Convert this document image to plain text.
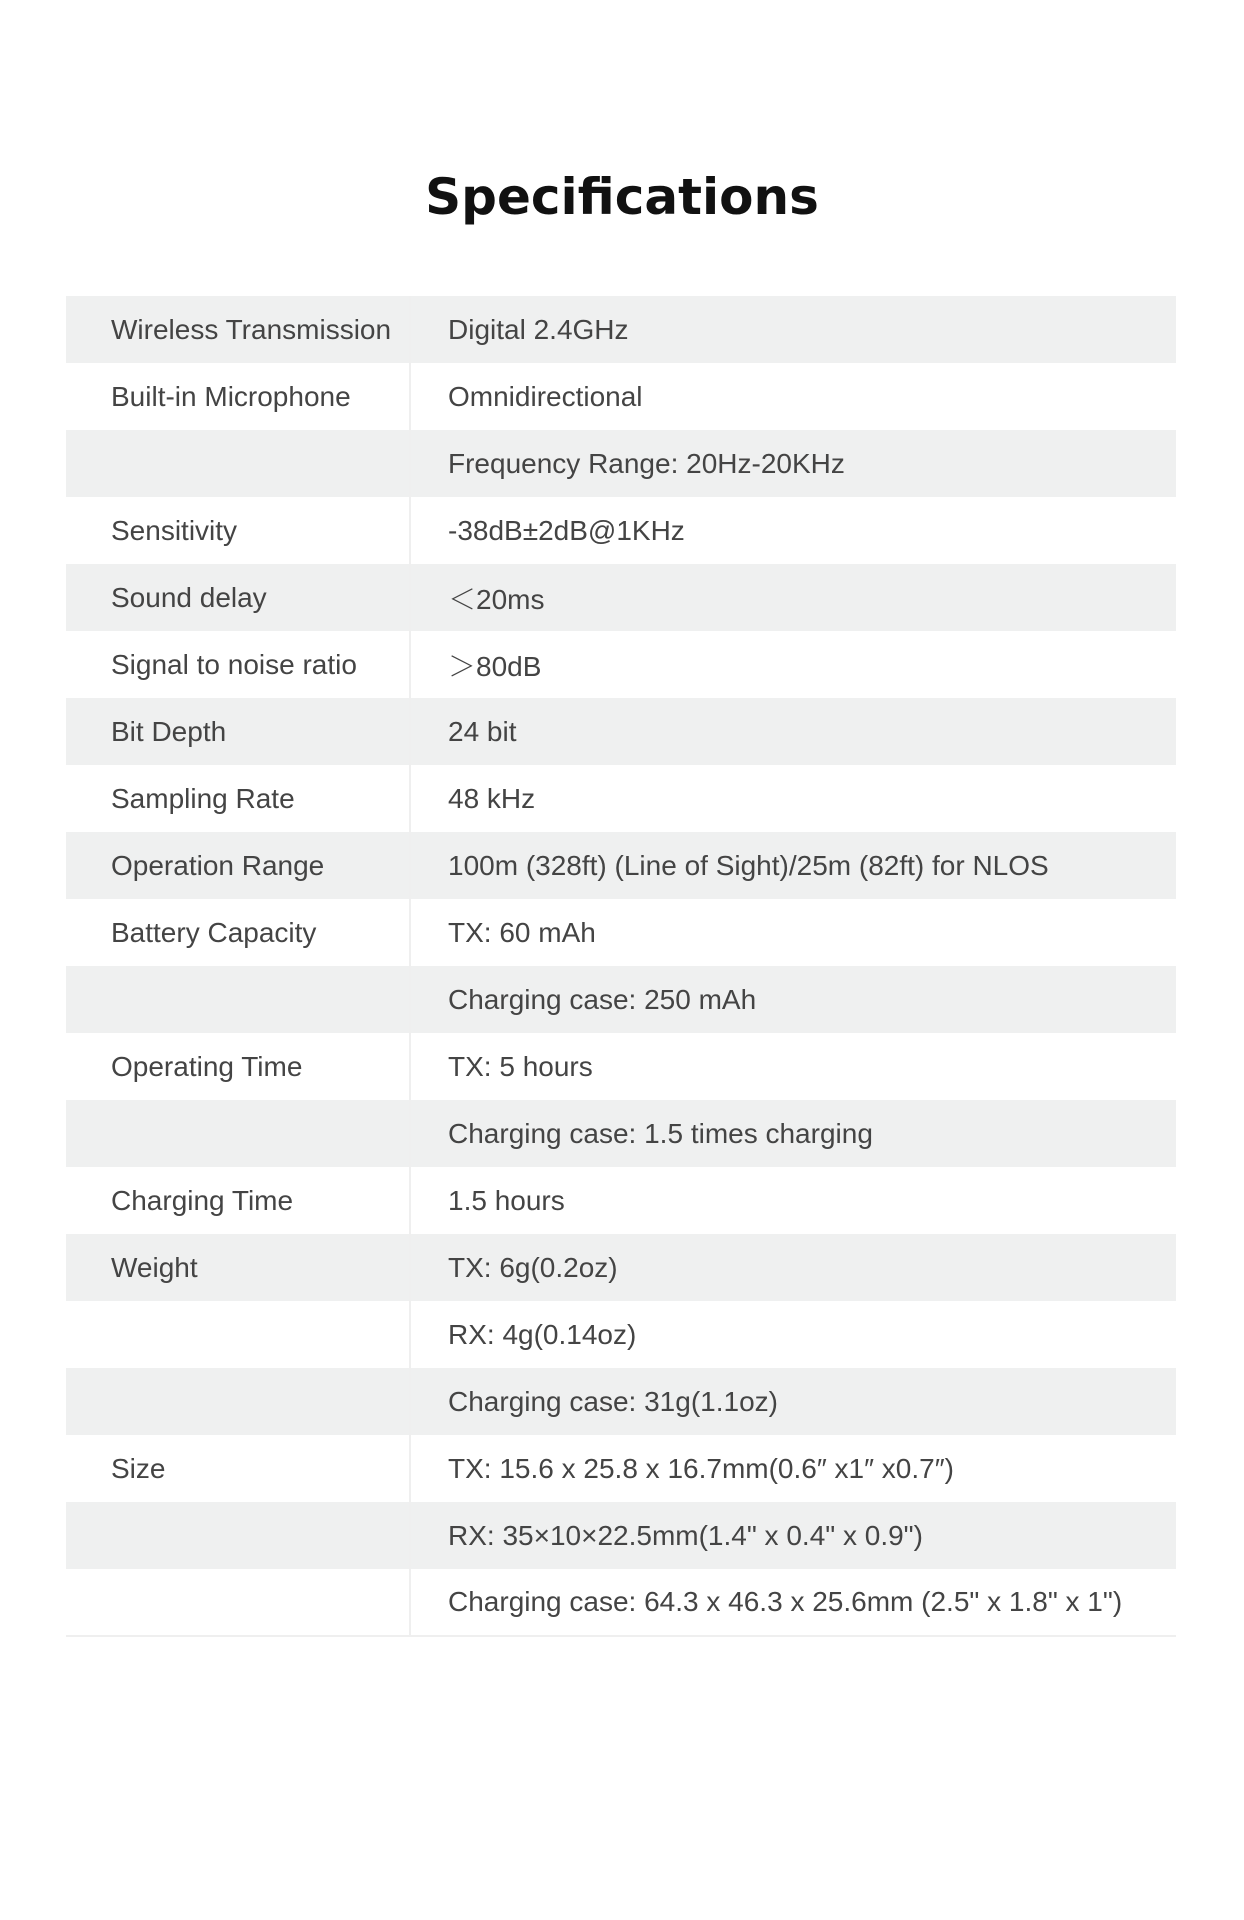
Specifications
Wireless Transmission	Digital 2.4GHz
Built-in Microphone	Omnidirectional
	Frequency Range: 20Hz-20KHz
Sensitivity	-38dB±2dB@1KHz
Sound delay	＜20ms
Signal to noise ratio	＞80dB
Bit Depth	24 bit
Sampling Rate	48 kHz
Operation Range	100m (328ft) (Line of Sight)/25m (82ft) for NLOS
Battery Capacity	TX: 60 mAh
	Charging case: 250 mAh
Operating Time	TX: 5 hours
	Charging case: 1.5 times charging
Charging Time	1.5 hours
Weight	TX: 6g(0.2oz)
	RX: 4g(0.14oz)
	Charging case: 31g(1.1oz)
Size	TX: 15.6 x 25.8 x 16.7mm(0.6″ x1″ x0.7″)
	RX: 35×10×22.5mm(1.4" x 0.4" x 0.9")
	Charging case: 64.3 x 46.3 x 25.6mm (2.5" x 1.8" x 1")
